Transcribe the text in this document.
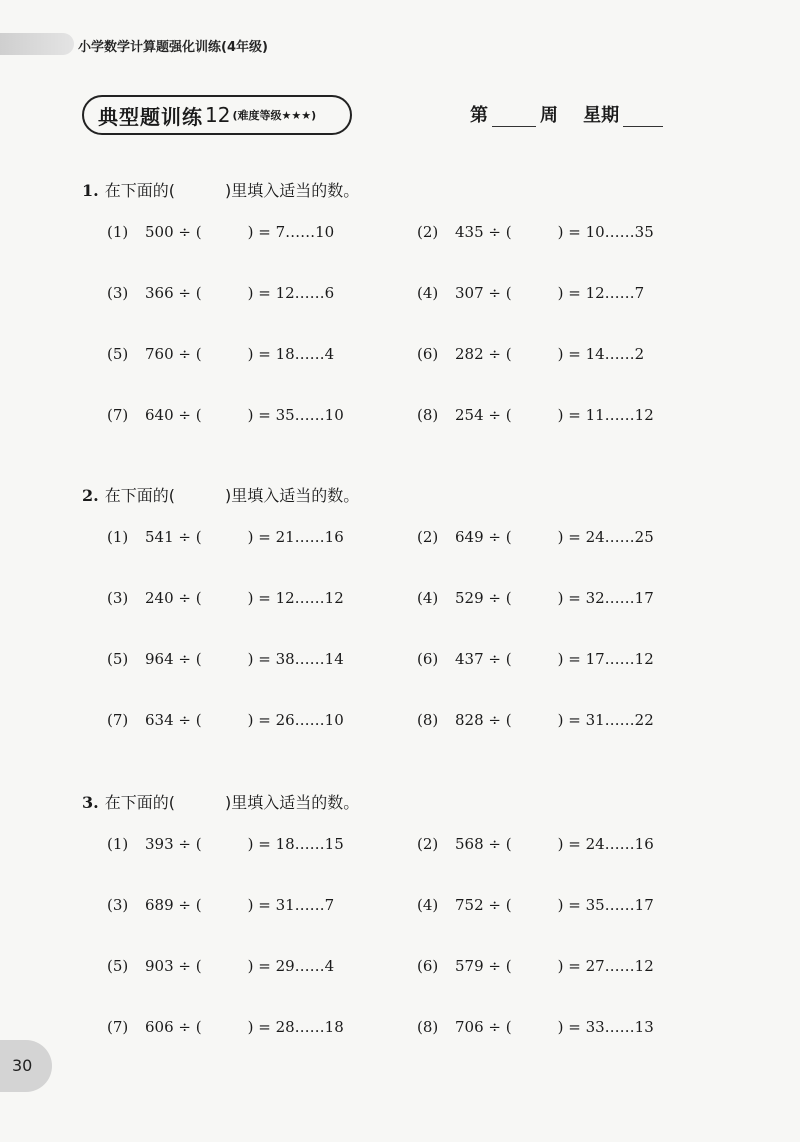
小学数学计算题强化训练(4年级)
典型题训练 12 (难度等级★★★)	第	周 星期
1. 在下面的(	)里填入适当的数。
(1) 500 ÷ (	) = 7……10	(2) 435 ÷ (	) = 10……35
(3) 366 ÷ (	) = 12……6	(4) 307 ÷ (	) = 12……7
(5) 760 ÷ (	) = 18……4	(6) 282 ÷ (	) = 14……2
(7) 640 ÷ (	) = 35……10	(8) 254 ÷ (	) = 11……12
2. 在下面的(	)里填入适当的数。
(1) 541 ÷ (	) = 21……16	(2) 649 ÷ (	) = 24……25
(3) 240 ÷ (	) = 12……12	(4) 529 ÷ (	) = 32……17
(5) 964 ÷ (	) = 38……14	(6) 437 ÷ (	) = 17……12
(7) 634 ÷ (	) = 26……10	(8) 828 ÷ (	) = 31……22
3. 在下面的(	)里填入适当的数。
(1) 393 ÷ (	) = 18……15	(2) 568 ÷ (	) = 24……16
(3) 689 ÷ (	) = 31……7	(4) 752 ÷ (	) = 35……17
(5) 903 ÷ (	) = 29……4	(6) 579 ÷ (	) = 27……12
(7) 606 ÷ (	) = 28……18	(8) 706 ÷ (	) = 33……13
30
